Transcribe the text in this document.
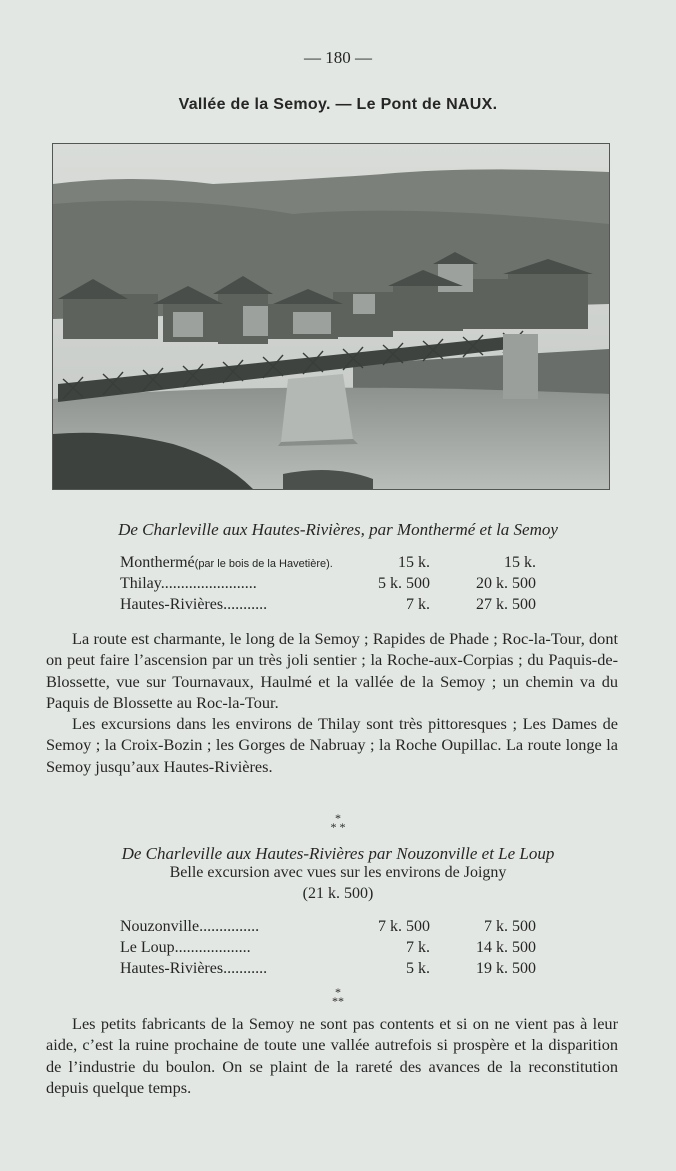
— 180 —
Vallée de la Semoy. — Le Pont de NAUX.
De Charleville aux Hautes-Rivières, par Monthermé et la Semoy
Monthermé(par le bois de la Havetière).	15 k.	15 k.
Thilay........................	5 k. 500	20 k. 500
Hautes-Rivières...........	7 k.	27 k. 500

La route est charmante, le long de la Semoy ; Rapides de Phade ; Roc-la-Tour, dont on peut faire l’ascension par un très joli sentier ; la Roche-aux-Corpias ; du Paquis-de-Blossette, vue sur Tournavaux, Haulmé et la vallée de la Semoy ; un chemin va du Paquis de Blossette au Roc-la-Tour.

Les excursions dans les environs de Thilay sont très pittoresques ; Les Dames de Semoy ; la Croix-Bozin ; les Gorges de Nabruay ; la Roche Oupillac. La route longe la Semoy jusqu’aux Hautes-Rivières.

*
* *
De Charleville aux Hautes-Rivières par Nouzonville et Le Loup
Belle excursion avec vues sur les environs de Joigny
(21 k. 500)
Nouzonville...............	7 k. 500	7 k. 500
Le Loup...................	7 k.	14 k. 500
Hautes-Rivières...........	5 k.	19 k. 500
*
**

Les petits fabricants de la Semoy ne sont pas contents et si on ne vient pas à leur aide, c’est la ruine prochaine de toute une vallée autrefois si prospère et la disparition de l’industrie du boulon. On se plaint de la rareté des avances de la reconstitution depuis quelque temps.
